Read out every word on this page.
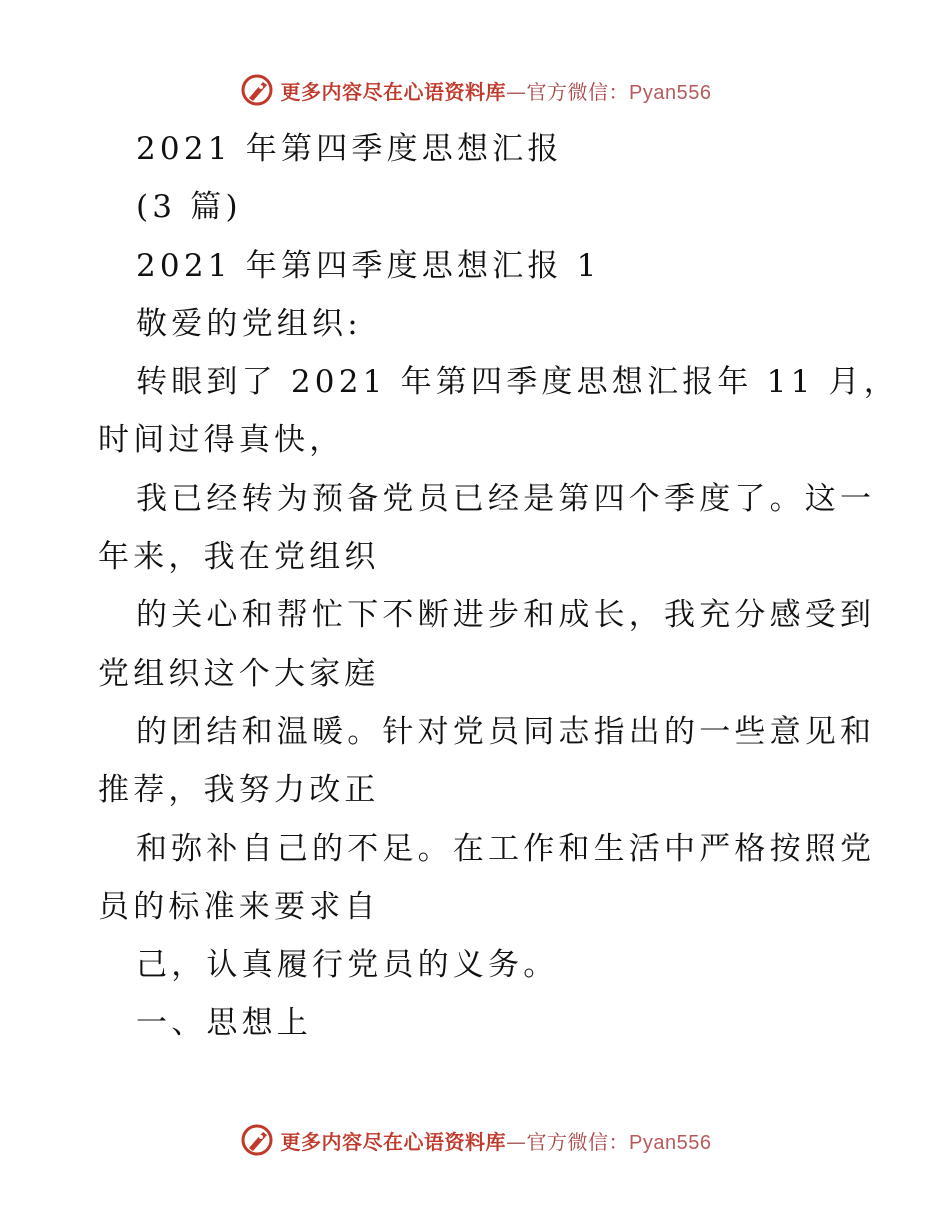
更多内容尽在心语资料库—官方微信：Pyan556
2021 年第四季度思想汇报
(3 篇)
2021 年第四季度思想汇报 1
敬爱的党组织:
转眼到了 2021 年第四季度思想汇报年 11 月，
时间过得真快，
我已经转为预备党员已经是第四个季度了。这一
年来，我在党组织
的关心和帮忙下不断进步和成长，我充分感受到
党组织这个大家庭
的团结和温暖。针对党员同志指出的一些意见和
推荐，我努力改正
和弥补自己的不足。在工作和生活中严格按照党
员的标准来要求自
己，认真履行党员的义务。
一、思想上
更多内容尽在心语资料库—官方微信：Pyan556
